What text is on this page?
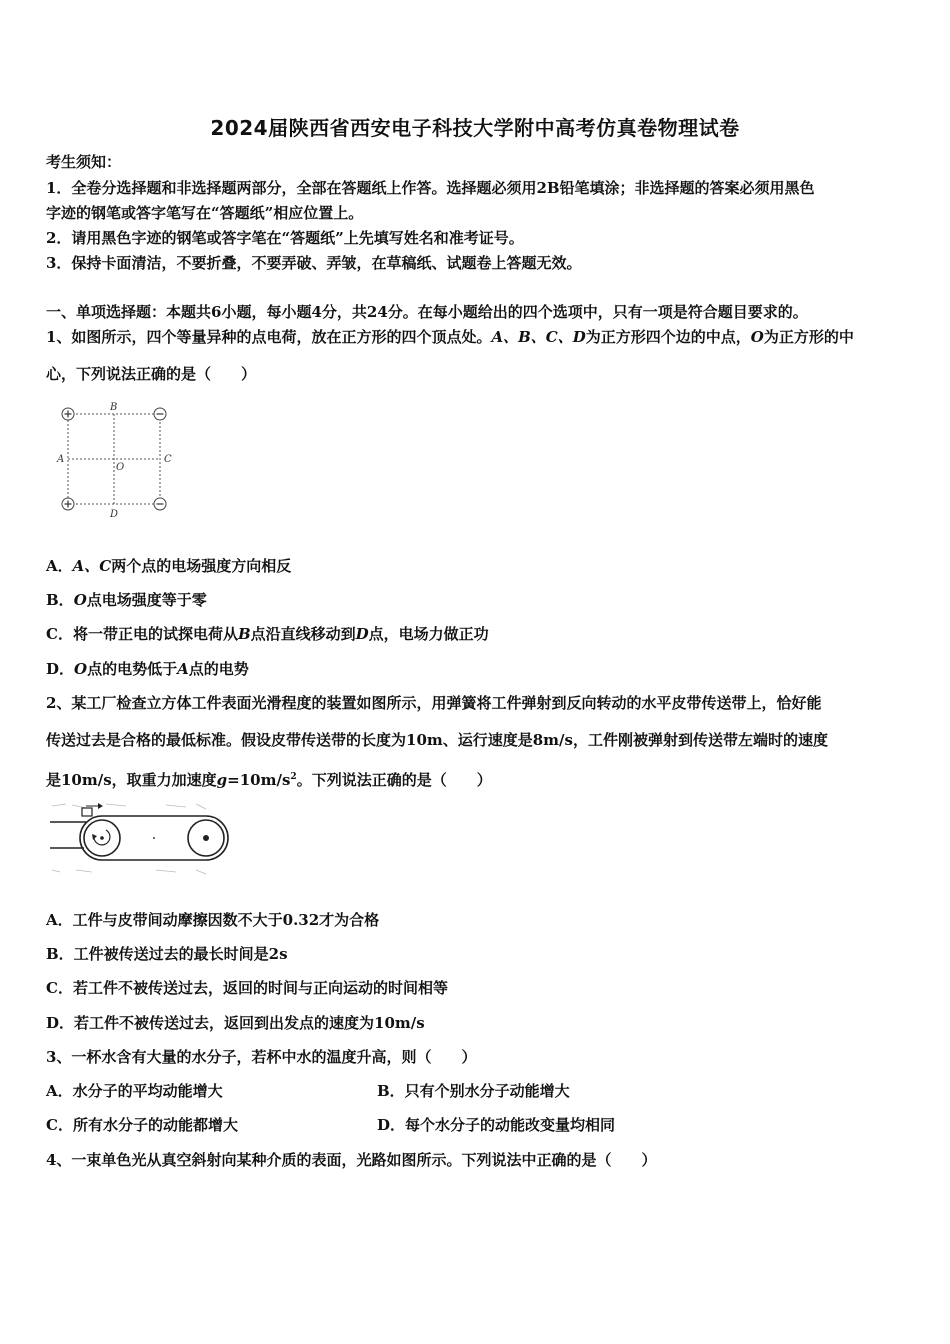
2024届陕西省西安电子科技大学附中高考仿真卷物理试卷
考生须知：
1．全卷分选择题和非选择题两部分，全部在答题纸上作答。选择题必须用2B铅笔填涂；非选择题的答案必须用黑色
字迹的钢笔或答字笔写在“答题纸”相应位置上。
2．请用黑色字迹的钢笔或答字笔在“答题纸”上先填写姓名和准考证号。
3．保持卡面清洁，不要折叠，不要弄破、弄皱，在草稿纸、试题卷上答题无效。
一、单项选择题：本题共6小题，每小题4分，共24分。在每小题给出的四个选项中，只有一项是符合题目要求的。
1、如图所示，四个等量异种的点电荷，放在正方形的四个顶点处。A、B、C、D为正方形四个边的中点，O为正方形的中
心，下列说法正确的是（　　）
B
A
O
C
D
A．A、C两个点的电场强度方向相反
B．O点电场强度等于零
C．将一带正电的试探电荷从B点沿直线移动到D点，电场力做正功
D．O点的电势低于A点的电势
2、某工厂检查立方体工件表面光滑程度的装置如图所示，用弹簧将工件弹射到反向转动的水平皮带传送带上，恰好能
传送过去是合格的最低标准。假设皮带传送带的长度为10m、运行速度是8m/s，工件刚被弹射到传送带左端时的速度
是10m/s，取重力加速度$g=10m/s^2$。下列说法正确的是（　　）
A．工件与皮带间动摩擦因数不大于0.32才为合格
B．工件被传送过去的最长时间是2s
C．若工件不被传送过去，返回的时间与正向运动的时间相等
D．若工件不被传送过去，返回到出发点的速度为10m/s
3、一杯水含有大量的水分子，若杯中水的温度升高，则（　　）
A．水分子的平均动能增大	B．只有个别水分子动能增大
C．所有水分子的动能都增大	D．每个水分子的动能改变量均相同
4、一束单色光从真空斜射向某种介质的表面，光路如图所示。下列说法中正确的是（　　）
